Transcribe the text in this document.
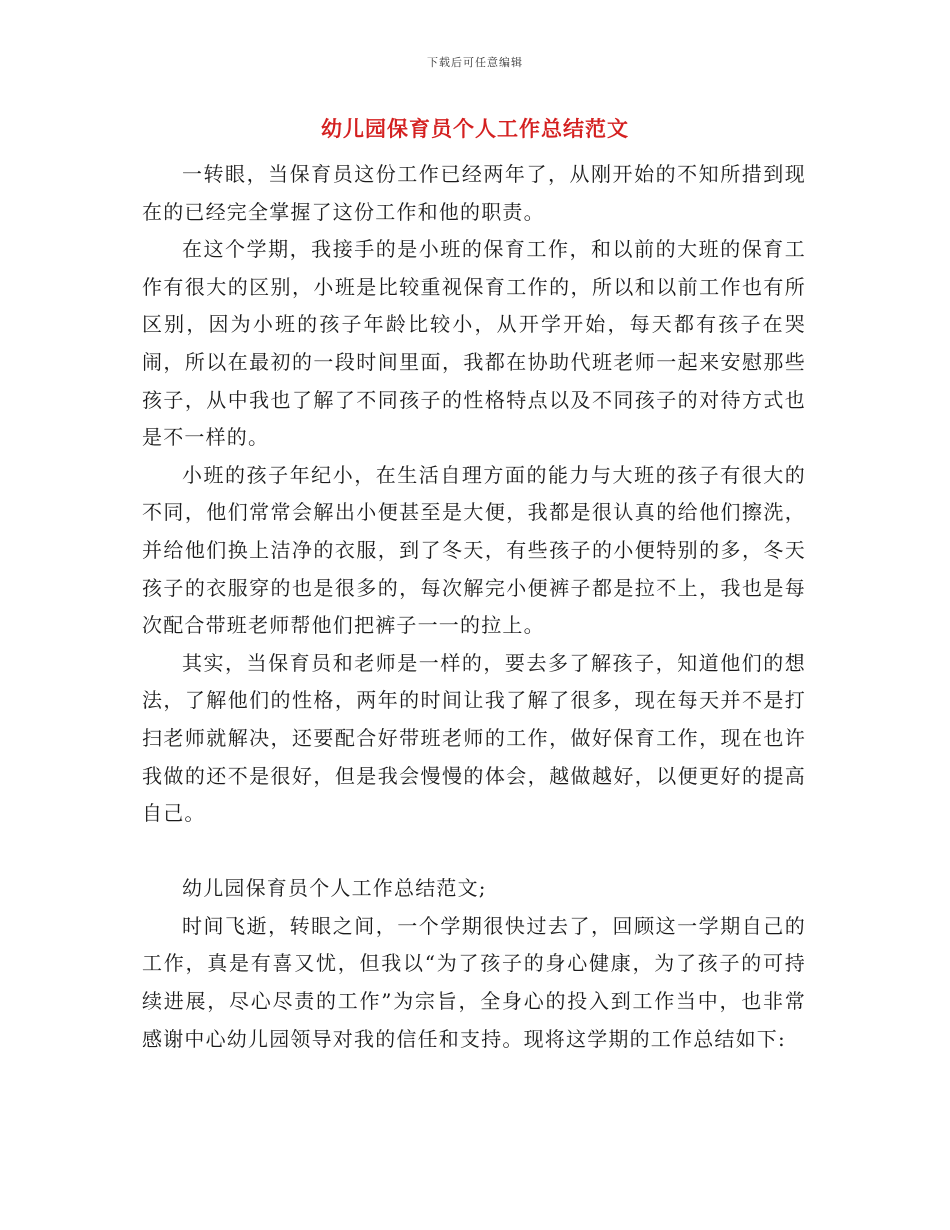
下载后可任意编辑
幼儿园保育员个人工作总结范文

一转眼，当保育员这份工作已经两年了，从刚开始的不知所措到现在的已经完全掌握了这份工作和他的职责。

在这个学期，我接手的是小班的保育工作，和以前的大班的保育工作有很大的区别，小班是比较重视保育工作的，所以和以前工作也有所区别，因为小班的孩子年龄比较小，从开学开始，每天都有孩子在哭闹，所以在最初的一段时间里面，我都在协助代班老师一起来安慰那些孩子，从中我也了解了不同孩子的性格特点以及不同孩子的对待方式也是不一样的。

小班的孩子年纪小，在生活自理方面的能力与大班的孩子有很大的不同，他们常常会解出小便甚至是大便，我都是很认真的给他们擦洗，并给他们换上洁净的衣服，到了冬天，有些孩子的小便特别的多，冬天孩子的衣服穿的也是很多的，每次解完小便裤子都是拉不上，我也是每次配合带班老师帮他们把裤子一一的拉上。

其实，当保育员和老师是一样的，要去多了解孩子，知道他们的想法，了解他们的性格，两年的时间让我了解了很多，现在每天并不是打扫老师就解决，还要配合好带班老师的工作，做好保育工作，现在也许我做的还不是很好，但是我会慢慢的体会，越做越好，以便更好的提高自己。

幼儿园保育员个人工作总结范文;

时间飞逝，转眼之间，一个学期很快过去了，回顾这一学期自己的工作，真是有喜又忧，但我以“为了孩子的身心健康，为了孩子的可持续进展，尽心尽责的工作”为宗旨，全身心的投入到工作当中，也非常感谢中心幼儿园领导对我的信任和支持。现将这学期的工作总结如下:
